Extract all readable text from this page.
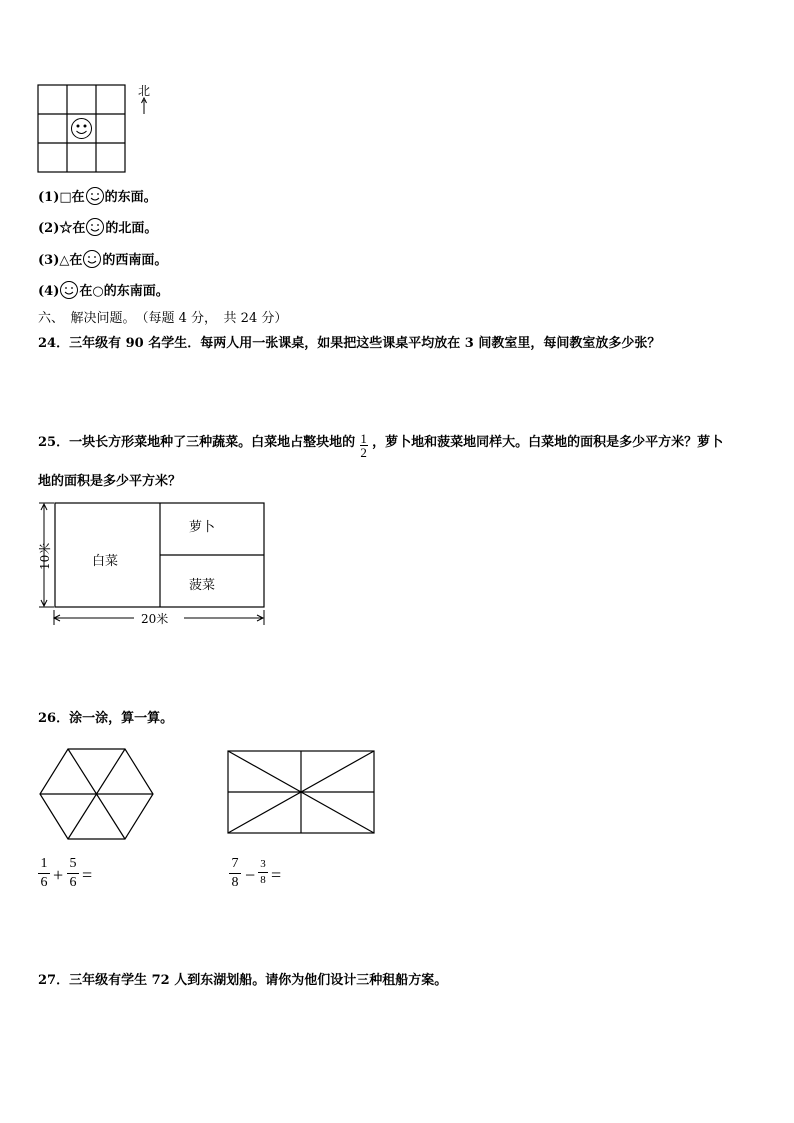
北
(1)□在 的东面。
(2)☆在 的北面。
(3)△在 的西南面。
(4) 在○的东南面。
六、　解决问题。　（每题 4 分，　共 24 分）
24．三年级有 90 名学生．每两人用一张课桌，如果把这些课桌平均放在 3 间教室里，每间教室放多少张？
25．一块长方形菜地种了三种蔬菜。白菜地占整块地的 $\frac{1}{2}$ ，萝卜地和菠菜地同样大。白菜地的面积是多少平方米？萝卜
地的面积是多少平方米？
白菜
萝卜
菠菜
10米
20米
26．涂一涂，算一算。
1
6 +
5
6 =
7
8 −
3
8 =
27．三年级有学生 72 人到东湖划船。请你为他们设计三种租船方案。
